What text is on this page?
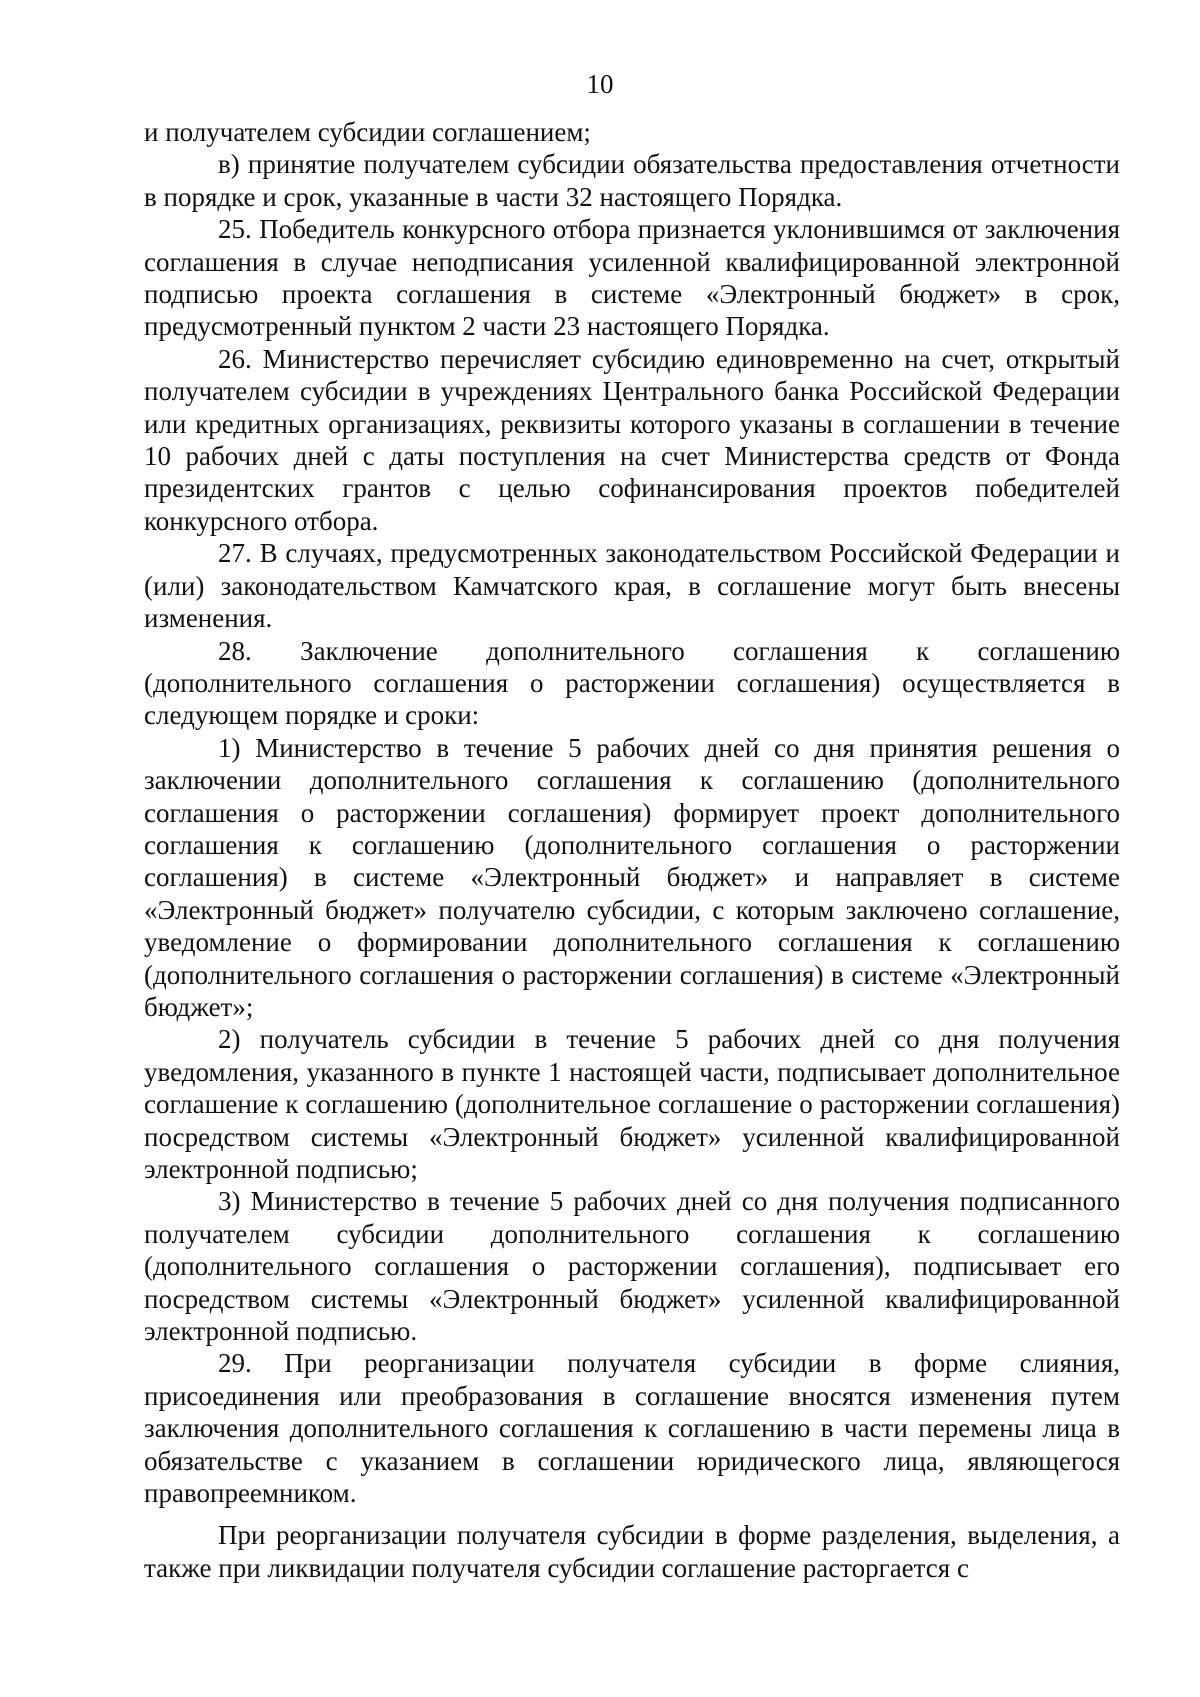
10

и получателем субсидии соглашением;

в) принятие получателем субсидии обязательства предоставления отчетности в порядке и срок, указанные в части 32 настоящего Порядка.

25. Победитель конкурсного отбора признается уклонившимся от заключения соглашения в случае неподписания усиленной квалифицированной электронной подписью проекта соглашения в системе «Электронный бюджет» в срок, предусмотренный пунктом 2 части 23 настоящего Порядка.

26. Министерство перечисляет субсидию единовременно на счет, открытый получателем субсидии в учреждениях Центрального банка Российской Федерации или кредитных организациях, реквизиты которого указаны в соглашении в течение 10 рабочих дней с даты поступления на счет Министерства средств от Фонда президентских грантов с целью софинансирования проектов победителей конкурсного отбора.

27. В случаях, предусмотренных законодательством Российской Федерации и (или) законодательством Камчатского края, в соглашение могут быть внесены изменения.

28. Заключение дополнительного соглашения к соглашению (дополнительного соглашения о расторжении соглашения) осуществляется в следующем порядке и сроки:

1) Министерство в течение 5 рабочих дней со дня принятия решения о заключении дополнительного соглашения к соглашению (дополнительного соглашения о расторжении соглашения) формирует проект дополнительного соглашения к соглашению (дополнительного соглашения о расторжении соглашения) в системе «Электронный бюджет» и направляет в системе «Электронный бюджет» получателю субсидии, с которым заключено соглашение, уведомление о формировании дополнительного соглашения к соглашению (дополнительного соглашения о расторжении соглашения) в системе «Электронный бюджет»;

2) получатель субсидии в течение 5 рабочих дней со дня получения уведомления, указанного в пункте 1 настоящей части, подписывает дополнительное соглашение к соглашению (дополнительное соглашение о расторжении соглашения) посредством системы «Электронный бюджет» усиленной квалифицированной электронной подписью;

3) Министерство в течение 5 рабочих дней со дня получения подписанного получателем субсидии дополнительного соглашения к соглашению (дополнительного соглашения о расторжении соглашения), подписывает его посредством системы «Электронный бюджет» усиленной квалифицированной электронной подписью.

29. При реорганизации получателя субсидии в форме слияния, присоединения или преобразования в соглашение вносятся изменения путем заключения дополнительного соглашения к соглашению в части перемены лица в обязательстве с указанием в соглашении юридического лица, являющегося правопреемником.

При реорганизации получателя субсидии в форме разделения, выделения, а также при ликвидации получателя субсидии соглашение расторгается с
